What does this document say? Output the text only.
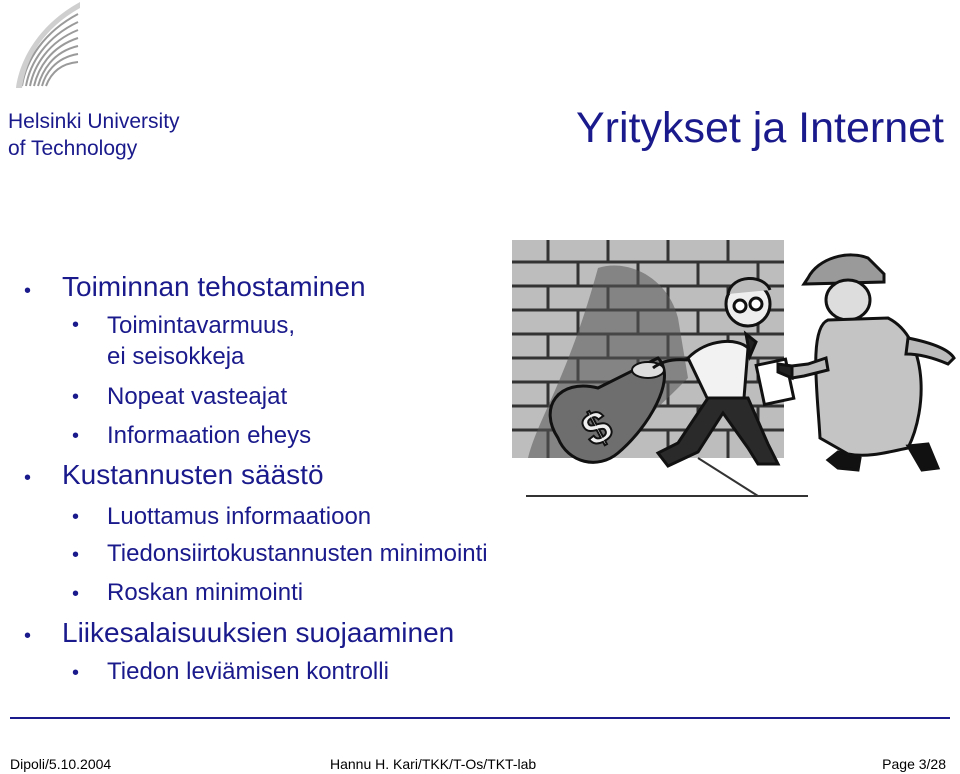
Helsinki University
of Technology	Yritykset ja Internet
• Toiminnan tehostaminen
• Toimintavarmuus,
ei seisokkeja
• Nopeat vasteajat
• Informaation eheys
• Kustannusten säästö
• Luottamus informaatioon
• Tiedonsiirtokustannusten minimointi
• Roskan minimointi
• Liikesalaisuuksien suojaaminen
• Tiedon leviämisen kontrolli
$
Dipoli/5.10.2004	Hannu H. Kari/TKK/T-Os/TKT-lab	Page 3/28
